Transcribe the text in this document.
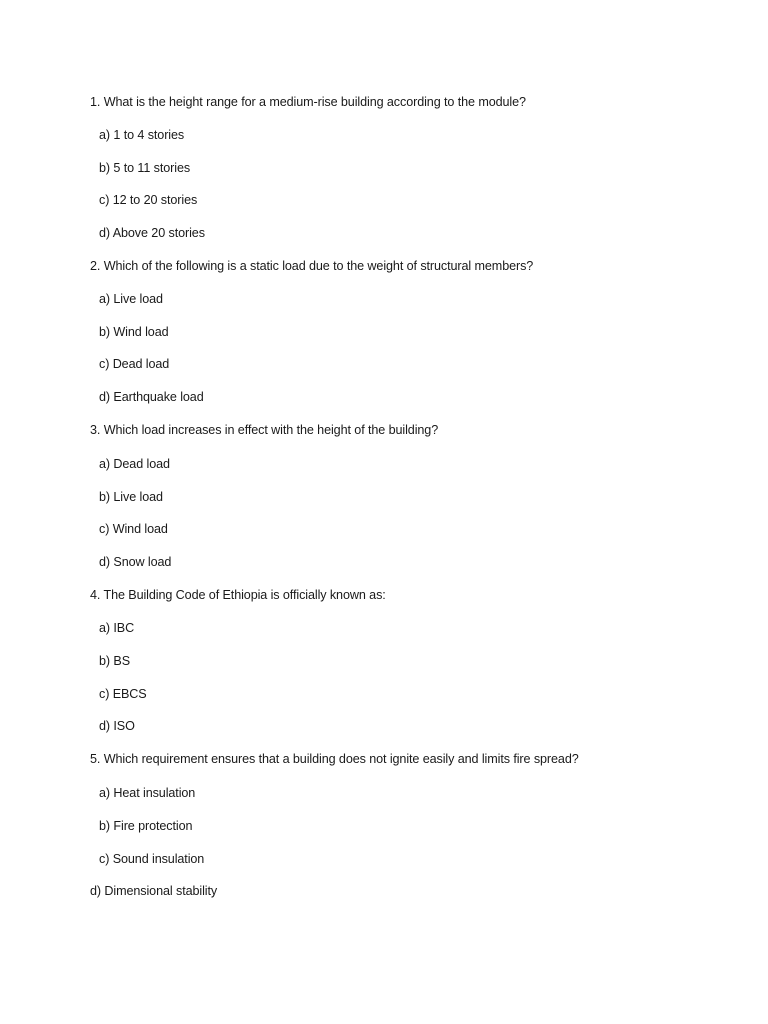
1. What is the height range for a medium-rise building according to the module?
a) 1 to 4 stories
b) 5 to 11 stories
c) 12 to 20 stories
d) Above 20 stories
2. Which of the following is a static load due to the weight of structural members?
a) Live load
b) Wind load
c) Dead load
d) Earthquake load
3. Which load increases in effect with the height of the building?
a) Dead load
b) Live load
c) Wind load
d) Snow load
4. The Building Code of Ethiopia is officially known as:
a) IBC
b) BS
c) EBCS
d) ISO
5. Which requirement ensures that a building does not ignite easily and limits fire spread?
a) Heat insulation
b) Fire protection
c) Sound insulation
d) Dimensional stability
